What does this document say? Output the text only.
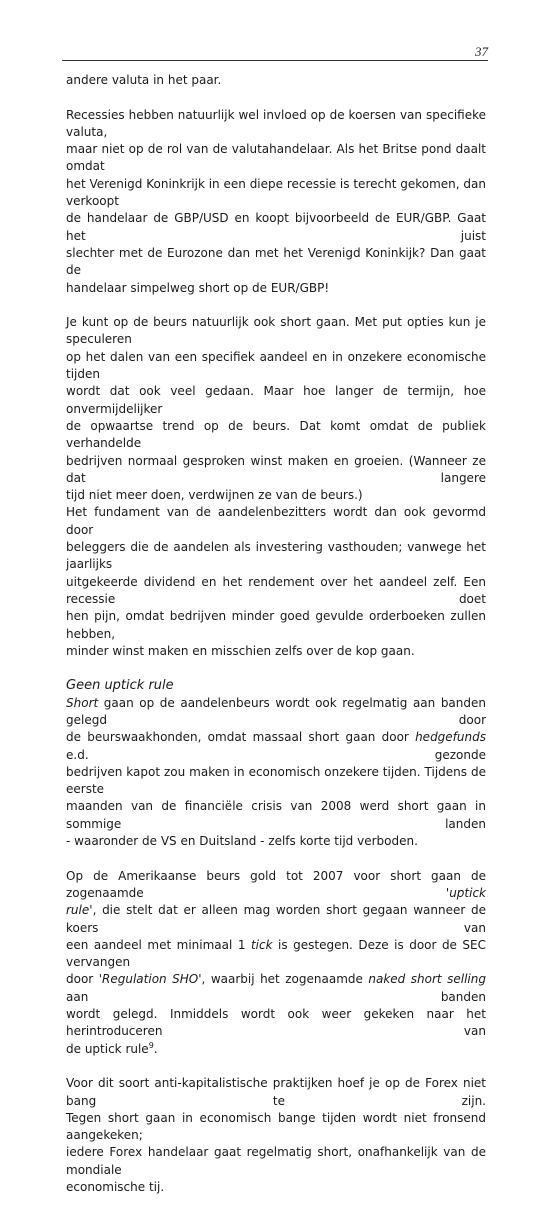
37

andere valuta in het paar.

Recessies hebben natuurlijk wel invloed op de koersen van specifieke valuta,
maar niet op de rol van de valutahandelaar. Als het Britse pond daalt omdat
het Verenigd Koninkrijk in een diepe recessie is terecht gekomen, dan verkoopt
de handelaar de GBP/USD en koopt bijvoorbeeld de EUR/GBP. Gaat het juist
slechter met de Eurozone dan met het Verenigd Koninkijk? Dan gaat de
handelaar simpelweg short op de EUR/GBP!

Je kunt op de beurs natuurlijk ook short gaan. Met put opties kun je speculeren
op het dalen van een specifiek aandeel en in onzekere economische tijden
wordt dat ook veel gedaan. Maar hoe langer de termijn, hoe onvermijdelijker
de opwaartse trend op de beurs. Dat komt omdat de publiek verhandelde
bedrijven normaal gesproken winst maken en groeien. (Wanneer ze dat langere
tijd niet meer doen, verdwijnen ze van de beurs.)

Het fundament van de aandelenbezitters wordt dan ook gevormd door
beleggers die de aandelen als investering vasthouden; vanwege het jaarlijks
uitgekeerde dividend en het rendement over het aandeel zelf. Een recessie doet
hen pijn, omdat bedrijven minder goed gevulde orderboeken zullen hebben,
minder winst maken en misschien zelfs over de kop gaan.

Geen uptick rule

Short gaan op de aandelenbeurs wordt ook regelmatig aan banden gelegd door
de beurswaakhonden, omdat massaal short gaan door hedgefunds e.d. gezonde
bedrijven kapot zou maken in economisch onzekere tijden. Tijdens de eerste
maanden van de financiële crisis van 2008 werd short gaan in sommige landen
- waaronder de VS en Duitsland - zelfs korte tijd verboden.

Op de Amerikaanse beurs gold tot 2007 voor short gaan de zogenaamde 'uptick
rule', die stelt dat er alleen mag worden short gegaan wanneer de koers van
een aandeel met minimaal 1 tick is gestegen. Deze is door de SEC vervangen
door 'Regulation SHO', waarbij het zogenaamde naked short selling aan banden
wordt gelegd. Inmiddels wordt ook weer gekeken naar het herintroduceren van
de uptick rule$^9$.

Voor dit soort anti-kapitalistische praktijken hoef je op de Forex niet bang te zijn.
Tegen short gaan in economisch bange tijden wordt niet fronsend aangekeken;
iedere Forex handelaar gaat regelmatig short, onafhankelijk van de mondiale
economische tij.
